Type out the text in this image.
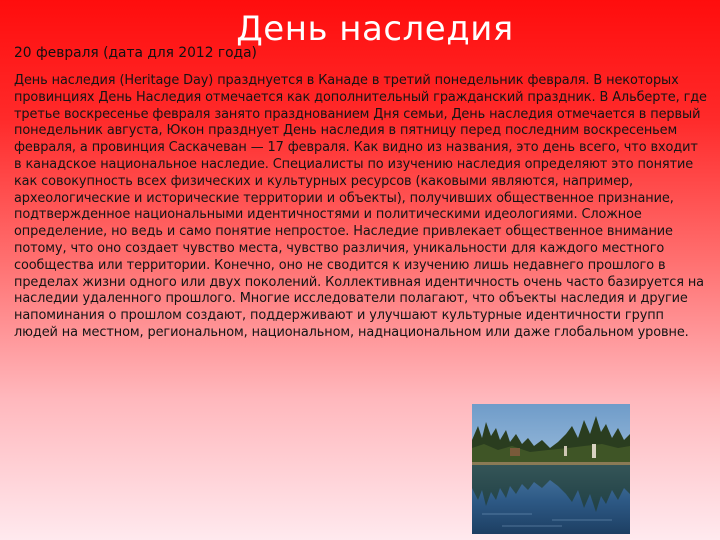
День наследия

20 февраля (дата для 2012 года)

День наследия (Heritage Day) празднуется в Канаде в третий понедельник февраля. В некоторых провинциях День Наследия отмечается как дополнительный гражданский праздник. В Альберте, где третье воскресенье февраля занято празднованием Дня семьи, День наследия отмечается в первый понедельник августа, Юкон празднует День наследия в пятницу перед последним воскресеньем февраля, а провинция Саскачеван — 17 февраля. Как видно из названия, это день всего, что входит в канадское национальное наследие. Специалисты по изучению наследия определяют это понятие как совокупность всех физических и культурных ресурсов (каковыми являются, например, археологические и исторические территории и объекты), получивших общественное признание, подтвержденное национальными идентичностями и политическими идеологиями. Сложное определение, но ведь и само понятие непростое. Наследие привлекает общественное внимание потому, что оно создает чувство места, чувство различия, уникальности для каждого местного сообщества или территории. Конечно, оно не сводится к изучению лишь недавнего прошлого в пределах жизни одного или двух поколений. Коллективная идентичность очень часто базируется на наследии удаленного прошлого. Многие исследователи полагают, что объекты наследия и другие напоминания о прошлом создают, поддерживают и улучшают культурные идентичности групп людей на местном, региональном, национальном, наднациональном или даже глобальном уровне.
